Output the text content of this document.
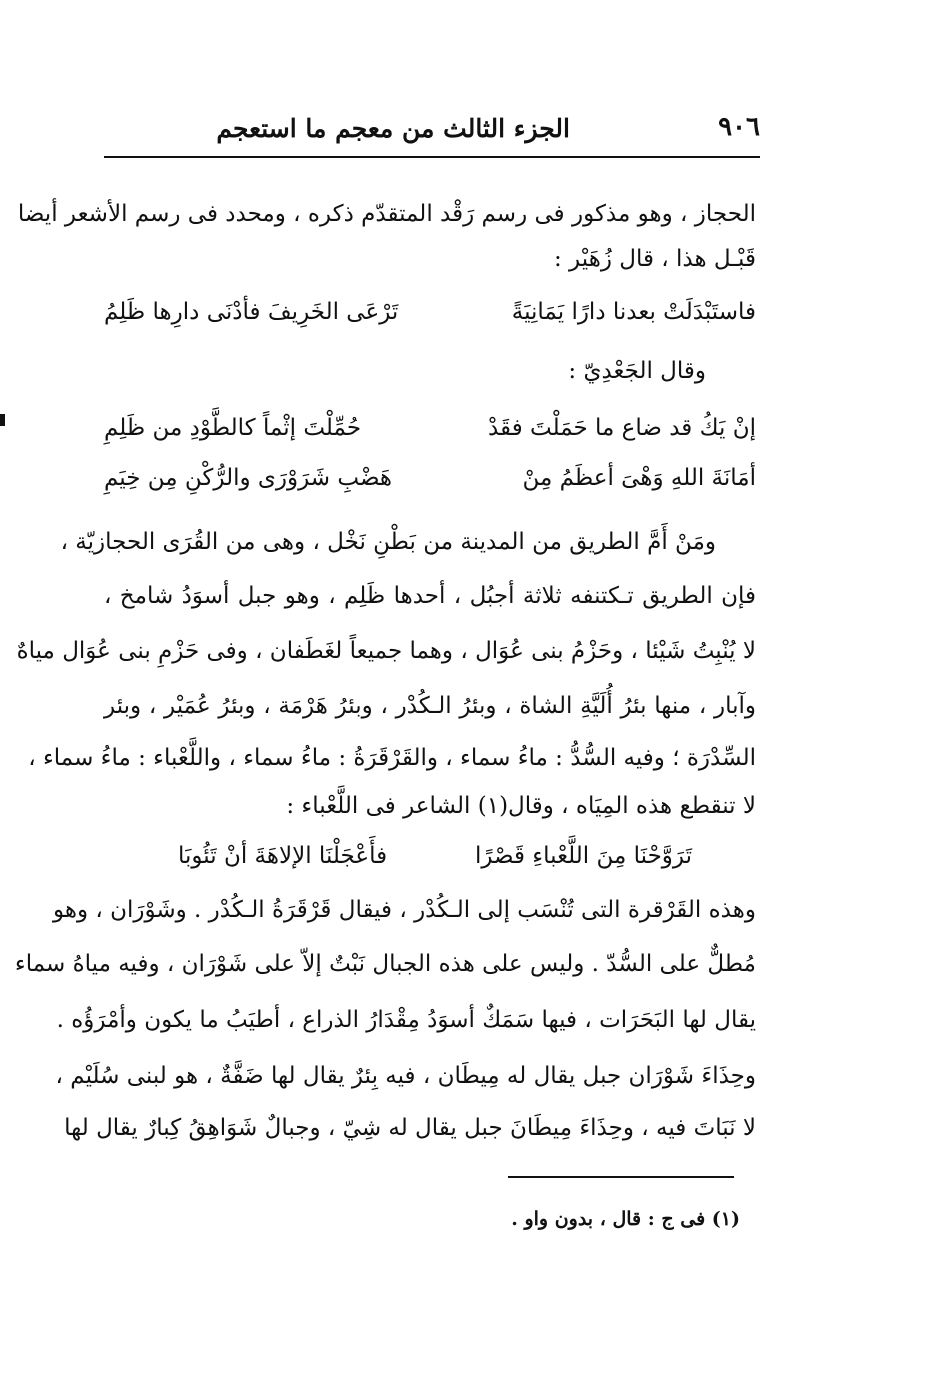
٩٠٦
الجزء الثالث من معجم ما استعجم
الحجاز ، وهو مذكور فى رسم رَقْد المتقدّم ذكره ، ومحدد فى رسم الأشعر أيضا
قَبْـل هذا ، قال زُهَيْر :
فاستَبْدَلَتْ بعدنا دارًا يَمَانِيَةً
تَرْعَى الخَرِيفَ فأدْنَى دارِها ظَلِمُ
وقال الجَعْدِيّ :
إنْ يَكُ قد ضاع ما حَمَلْتَ فقَدْ
حُمِّلْتَ إثْماً كالطَّوْدِ من ظَلِمِ
أمَانَةَ اللهِ وَهْىَ أعظَمُ مِنْ
هَضْبِ شَرَوْرَى والرُّكْنِ مِن خِيَمِ
ومَنْ أَمَّ الطريق من المدينة من بَطْنِ نَخْل ، وهى من القُرَى الحجازيّة ،
فإن الطريق تـكتنفه ثلاثة أجبُل ، أحدها ظَلِم ، وهو جبل أسوَدُ شامخ ،
لا يُنْبِتُ شَيْئا ، وحَزْمُ بنى عُوَال ، وهما جميعاً لغَطَفان ، وفى حَزْمِ بنى عُوَال مياهٌ
وآبار ، منها بئرُ أُلَيَّةِ الشاة ، وبئرُ الـكُدْر ، وبئرُ هَرْمَة ، وبئرُ عُمَيْر ، وبئر
السِّدْرَة ؛ وفيه السُّدُّ : ماءُ سماء ، والقَرْقَرَةُ : ماءُ سماء ، واللَّعْباء : ماءُ سماء ،
لا تنقطع هذه المِيَاه ، وقال(١) الشاعر فى اللَّعْباء :
تَرَوَّحْنَا مِنَ اللَّعْباءِ قَصْرًا
فأَعْجَلْنَا الإلاهَةَ أنْ تَئُوبَا
وهذه القَرْقرة التى تُنْسَب إلى الـكُدْر ، فيقال قَرْقَرَةُ الـكُدْر . وشَوْرَان ، وهو
مُطلٌّ على السُّدّ . وليس على هذه الجبال نَبْتٌ إلاّ على شَوْرَان ، وفيه مياهُ سماء
يقال لها البَحَرَات ، فيها سَمَكٌ أسوَدُ مِقْدَارُ الذراع ، أطيَبُ ما يكون وأمْرَؤُه .
وحِذَاءَ شَوْرَان جبل يقال له مِيطَان ، فيه بِئرٌ يقال لها ضَفَّةٌ ، هو لبنى سُلَيْم ،
لا نَبَاتَ فيه ، وحِذَاءَ مِيطَانَ جبل يقال له شِيّ ، وجبالٌ شَوَاهِقُ كِبارٌ يقال لها
(١) فى ج : قال ، بدون واو .
